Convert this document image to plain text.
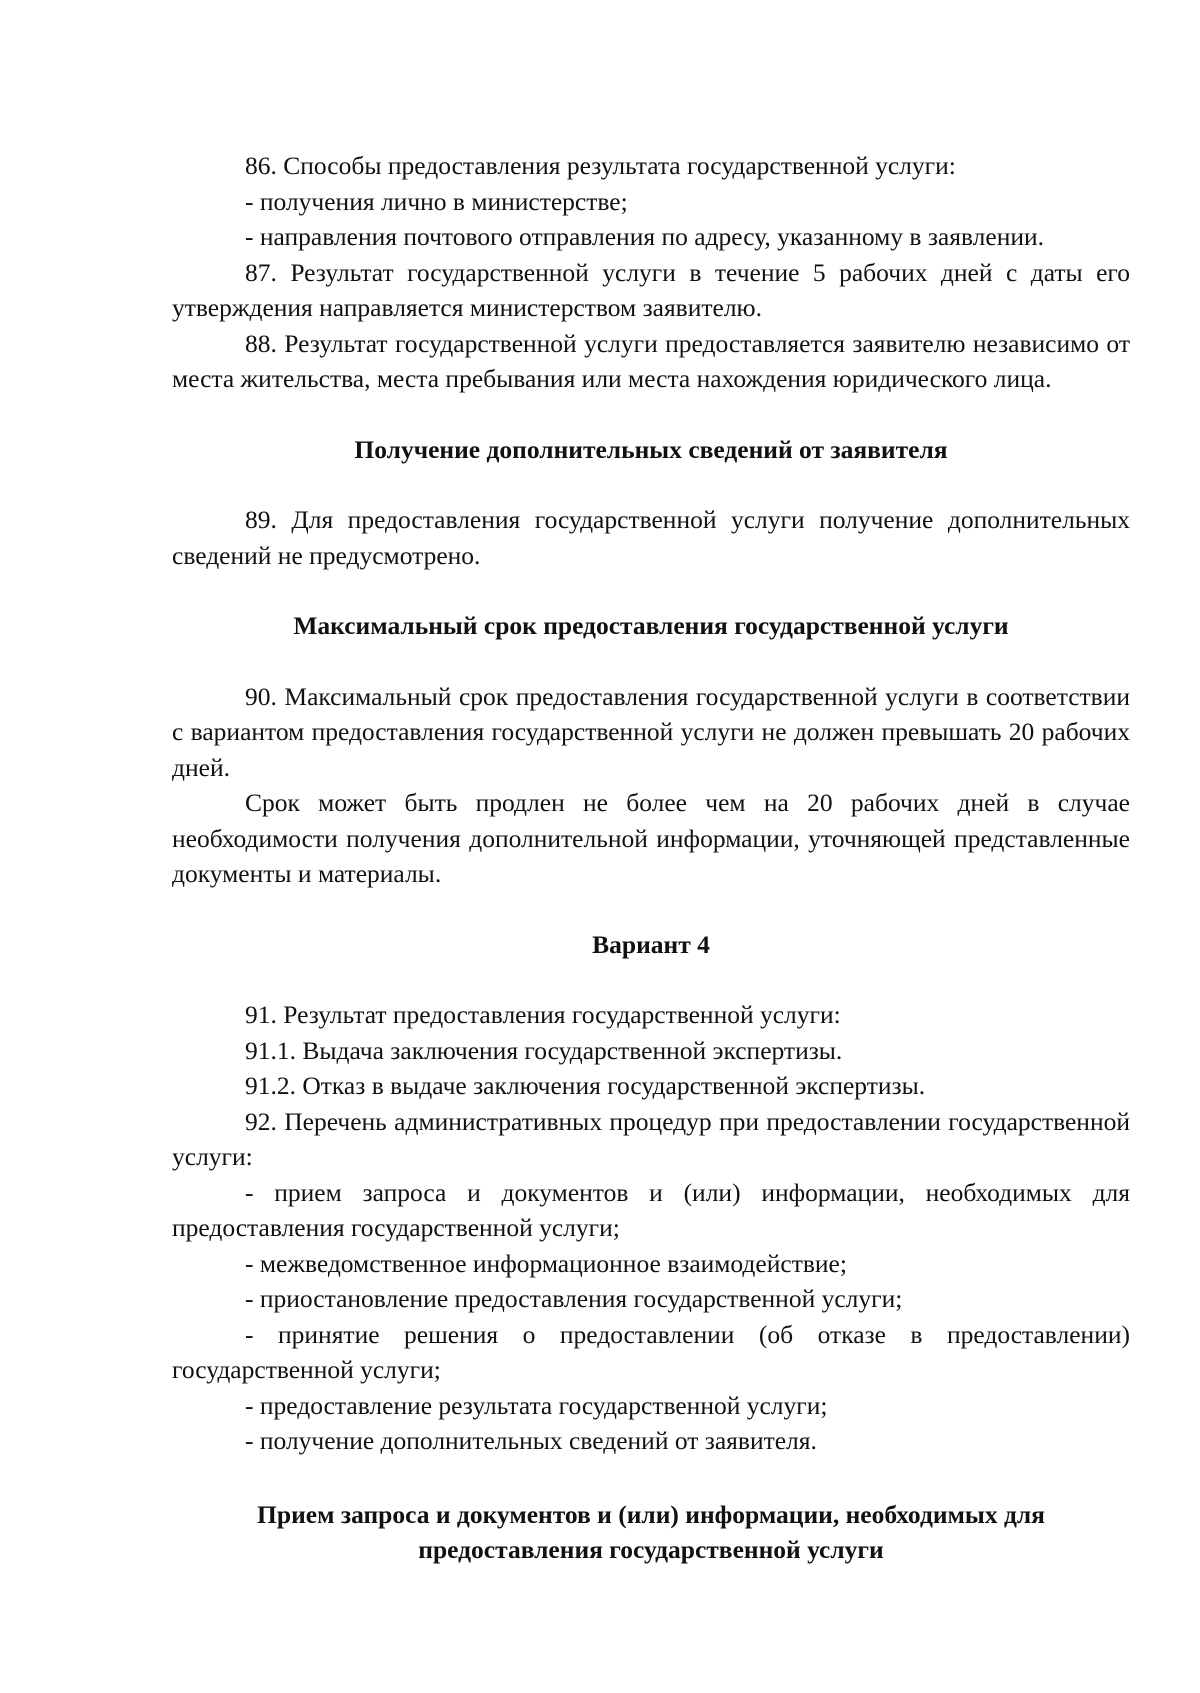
86. Способы предоставления результата государственной услуги:

- получения лично в министерстве;

- направления почтового отправления по адресу, указанному в заявлении.

87. Результат государственной услуги в течение 5 рабочих дней с даты его утверждения направляется министерством заявителю.

88. Результат государственной услуги предоставляется заявителю независимо от места жительства, места пребывания или места нахождения юридического лица.

Получение дополнительных сведений от заявителя

89. Для предоставления государственной услуги получение дополнительных сведений не предусмотрено.

Максимальный срок предоставления государственной услуги

90. Максимальный срок предоставления государственной услуги в соответствии с вариантом предоставления государственной услуги не должен превышать 20 рабочих дней.

Срок может быть продлен не более чем на 20 рабочих дней в случае необходимости получения дополнительной информации, уточняющей представленные документы и материалы.

Вариант 4

91. Результат предоставления государственной услуги:

91.1. Выдача заключения государственной экспертизы.

91.2. Отказ в выдаче заключения государственной экспертизы.

92. Перечень административных процедур при предоставлении государственной услуги:

- прием запроса и документов и (или) информации, необходимых для предоставления государственной услуги;

- межведомственное информационное взаимодействие;

- приостановление предоставления государственной услуги;

- принятие решения о предоставлении (об отказе в предоставлении) государственной услуги;

- предоставление результата государственной услуги;

- получение дополнительных сведений от заявителя.

Прием запроса и документов и (или) информации, необходимых для
предоставления государственной услуги
